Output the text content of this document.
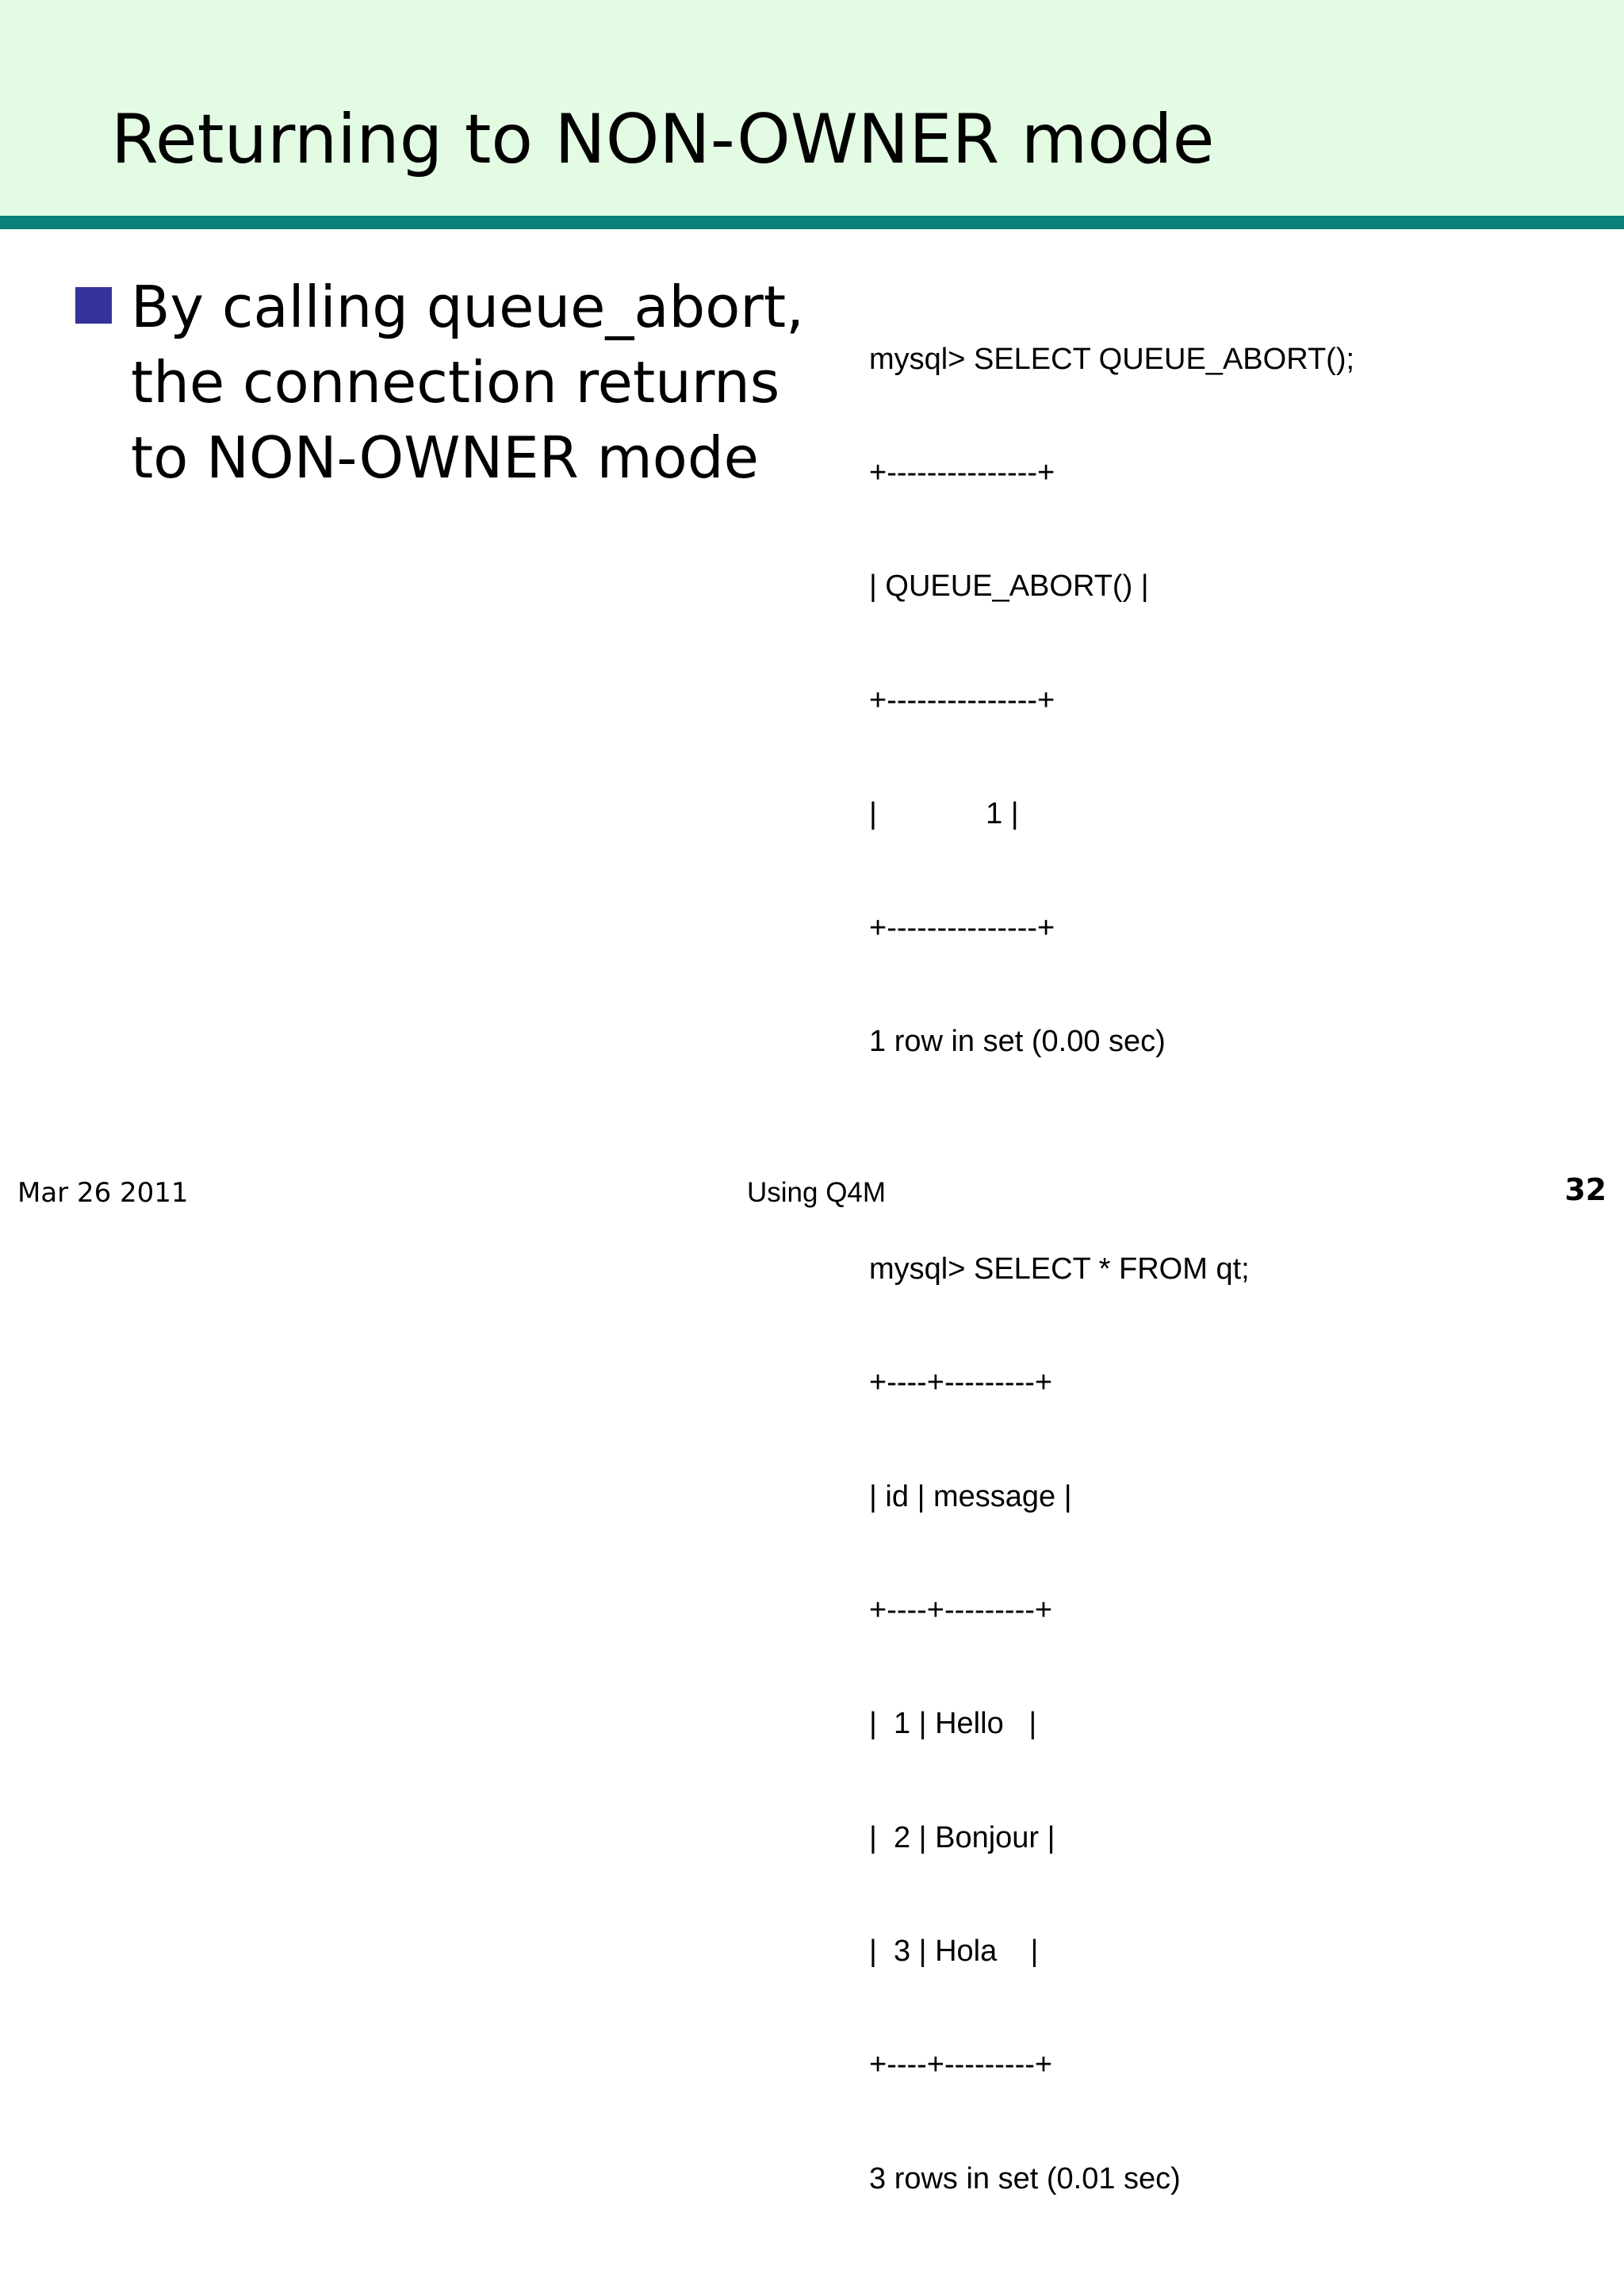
Returning to NON-OWNER mode
By calling queue_abort, the connection returns to NON-OWNER mode

mysql> SELECT QUEUE_ABORT();

+---------------+

| QUEUE_ABORT() |

+---------------+

|             1 |

+---------------+

1 row in set (0.00 sec)

mysql> SELECT * FROM qt;

+----+---------+

| id | message |

+----+---------+

|  1 | Hello   |

|  2 | Bonjour |

|  3 | Hola    |

+----+---------+

3 rows in set (0.01 sec)

Mar 26 2011	Using Q4M	32
